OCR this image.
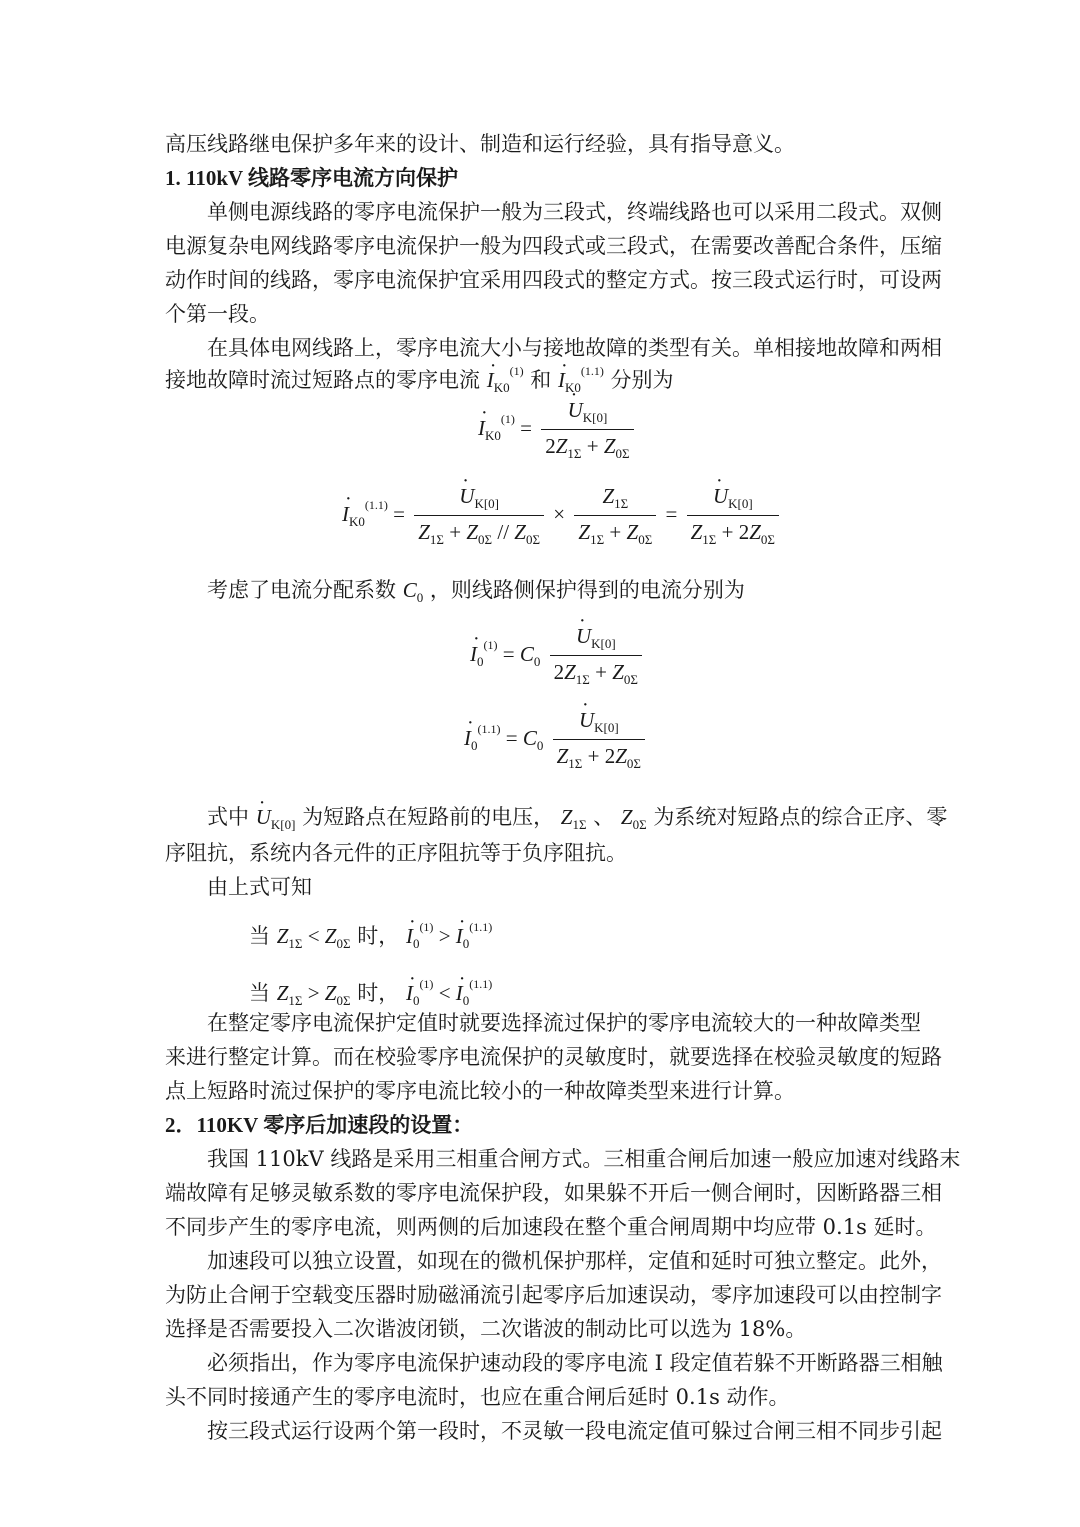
高压线路继电保护多年来的设计、制造和运行经验，具有指导意义。
1. 110kV 线路零序电流方向保护
单侧电源线路的零序电流保护一般为三段式，终端线路也可以采用二段式。双侧
电源复杂电网线路零序电流保护一般为四段式或三段式，在需要改善配合条件，压缩
动作时间的线路，零序电流保护宜采用四段式的整定方式。按三段式运行时，可设两
个第一段。
在具体电网线路上，零序电流大小与接地故障的类型有关。单相接地故障和两相
接地故障时流过短路点的零序电流 · $I_{K0}^{(1)}$ 和 · $I_{K0}^{(1.1)}$ 分别为
· $I_{K0}^{(1)}$ =
· $\frac{U_{K[0]}}{2Z_{1\Sigma} + Z_{0\Sigma}}$
· $I_{K0}^{(1.1)}$ =
· $\frac{U_{K[0]}}{Z_{1\Sigma} + Z_{0\Sigma} // Z_{0\Sigma}} \times \frac{Z_{1\Sigma}}{Z_{1\Sigma} + Z_{0\Sigma}}$ =
· $\frac{U_{K[0]}}{Z_{1\Sigma} + 2Z_{0\Sigma}}$
考虑了电流分配系数 $C_0$ ，则线路侧保护得到的电流分别为
· $I_0^{(1)} = C_0$
· $\frac{U_{K[0]}}{2Z_{1\Sigma} + Z_{0\Sigma}}$
· $I_0^{(1.1)} = C_0$
· $\frac{U_{K[0]}}{Z_{1\Sigma} + 2Z_{0\Sigma}}$
式中 · $U_{K[0]}$ 为短路点在短路前的电压， $Z_{1\Sigma}$ 、 $Z_{0\Sigma}$ 为系统对短路点的综合正序、零
序阻抗，系统内各元件的正序阻抗等于负序阻抗。
由上式可知
当 $Z_{1\Sigma} < Z_{0\Sigma}$ 时， · $I_0^{(1)}$ > · $I_0^{(1.1)}$
当 $Z_{1\Sigma} > Z_{0\Sigma}$ 时， · $I_0^{(1)}$ < · $I_0^{(1.1)}$
在整定零序电流保护定值时就要选择流过保护的零序电流较大的一种故障类型
来进行整定计算。而在校验零序电流保护的灵敏度时，就要选择在校验灵敏度的短路
点上短路时流过保护的零序电流比较小的一种故障类型来进行计算。
2．110KV 零序后加速段的设置：
我国 110kV 线路是采用三相重合闸方式。三相重合闸后加速一般应加速对线路末
端故障有足够灵敏系数的零序电流保护段，如果躲不开后一侧合闸时，因断路器三相
不同步产生的零序电流，则两侧的后加速段在整个重合闸周期中均应带 0.1s 延时。
加速段可以独立设置，如现在的微机保护那样，定值和延时可独立整定。此外，
为防止合闸于空载变压器时励磁涌流引起零序后加速误动，零序加速段可以由控制字
选择是否需要投入二次谐波闭锁，二次谐波的制动比可以选为 18%。
必须指出，作为零序电流保护速动段的零序电流 I 段定值若躲不开断路器三相触
头不同时接通产生的零序电流时，也应在重合闸后延时 0.1s 动作。
按三段式运行设两个第一段时，不灵敏一段电流定值可躲过合闸三相不同步引起
